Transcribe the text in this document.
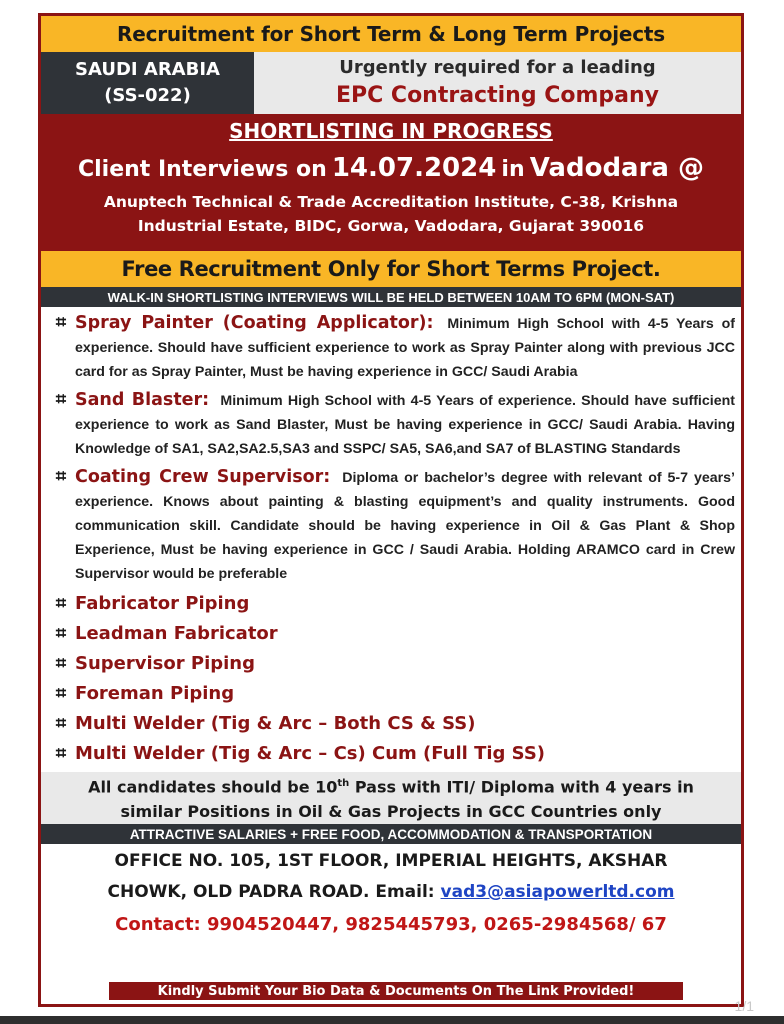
Recruitment for Short Term & Long Term Projects
SAUDI ARABIA
(SS-022)
Urgently required for a leading
EPC Contracting Company
SHORTLISTING IN PROGRESS
Client Interviews on 14.07.2024 in Vadodara @
Anuptech Technical & Trade Accreditation Institute, C-38, Krishna
Industrial Estate, BIDC, Gorwa, Vadodara, Gujarat 390016
Free Recruitment Only for Short Terms Project.
WALK-IN SHORTLISTING INTERVIEWS WILL BE HELD BETWEEN 10AM TO 6PM (MON-SAT)
⌗ Spray Painter (Coating Applicator): Minimum High School with 4-5 Years of experience. Should have sufficient experience to work as Spray Painter along with previous JCC card for as Spray Painter, Must be having experience in GCC/ Saudi Arabia
⌗ Sand Blaster: Minimum High School with 4-5 Years of experience. Should have sufficient experience to work as Sand Blaster, Must be having experience in GCC/ Saudi Arabia. Having Knowledge of SA1, SA2,SA2.5,SA3 and SSPC/ SA5, SA6,and SA7 of BLASTING Standards
⌗ Coating Crew Supervisor: Diploma or bachelor’s degree with relevant of 5-7 years’ experience. Knows about painting & blasting equipment’s and quality instruments. Good communication skill. Candidate should be having experience in Oil & Gas Plant & Shop Experience, Must be having experience in GCC / Saudi Arabia. Holding ARAMCO card in Crew Supervisor would be preferable
⌗ Fabricator Piping
⌗ Leadman Fabricator
⌗ Supervisor Piping
⌗ Foreman Piping
⌗ Multi Welder (Tig & Arc – Both CS & SS)
⌗ Multi Welder (Tig & Arc – Cs) Cum (Full Tig SS)
All candidates should be 10th Pass with ITI/ Diploma with 4 years in
similar Positions in Oil & Gas Projects in GCC Countries only
ATTRACTIVE SALARIES + FREE FOOD, ACCOMMODATION & TRANSPORTATION
OFFICE NO. 105, 1ST FLOOR, IMPERIAL HEIGHTS, AKSHAR
CHOWK, OLD PADRA ROAD. Email: vad3@asiapowerltd.com
Contact: 9904520447, 9825445793, 0265-2984568/ 67
Kindly Submit Your Bio Data & Documents On The Link Provided!
1/1
